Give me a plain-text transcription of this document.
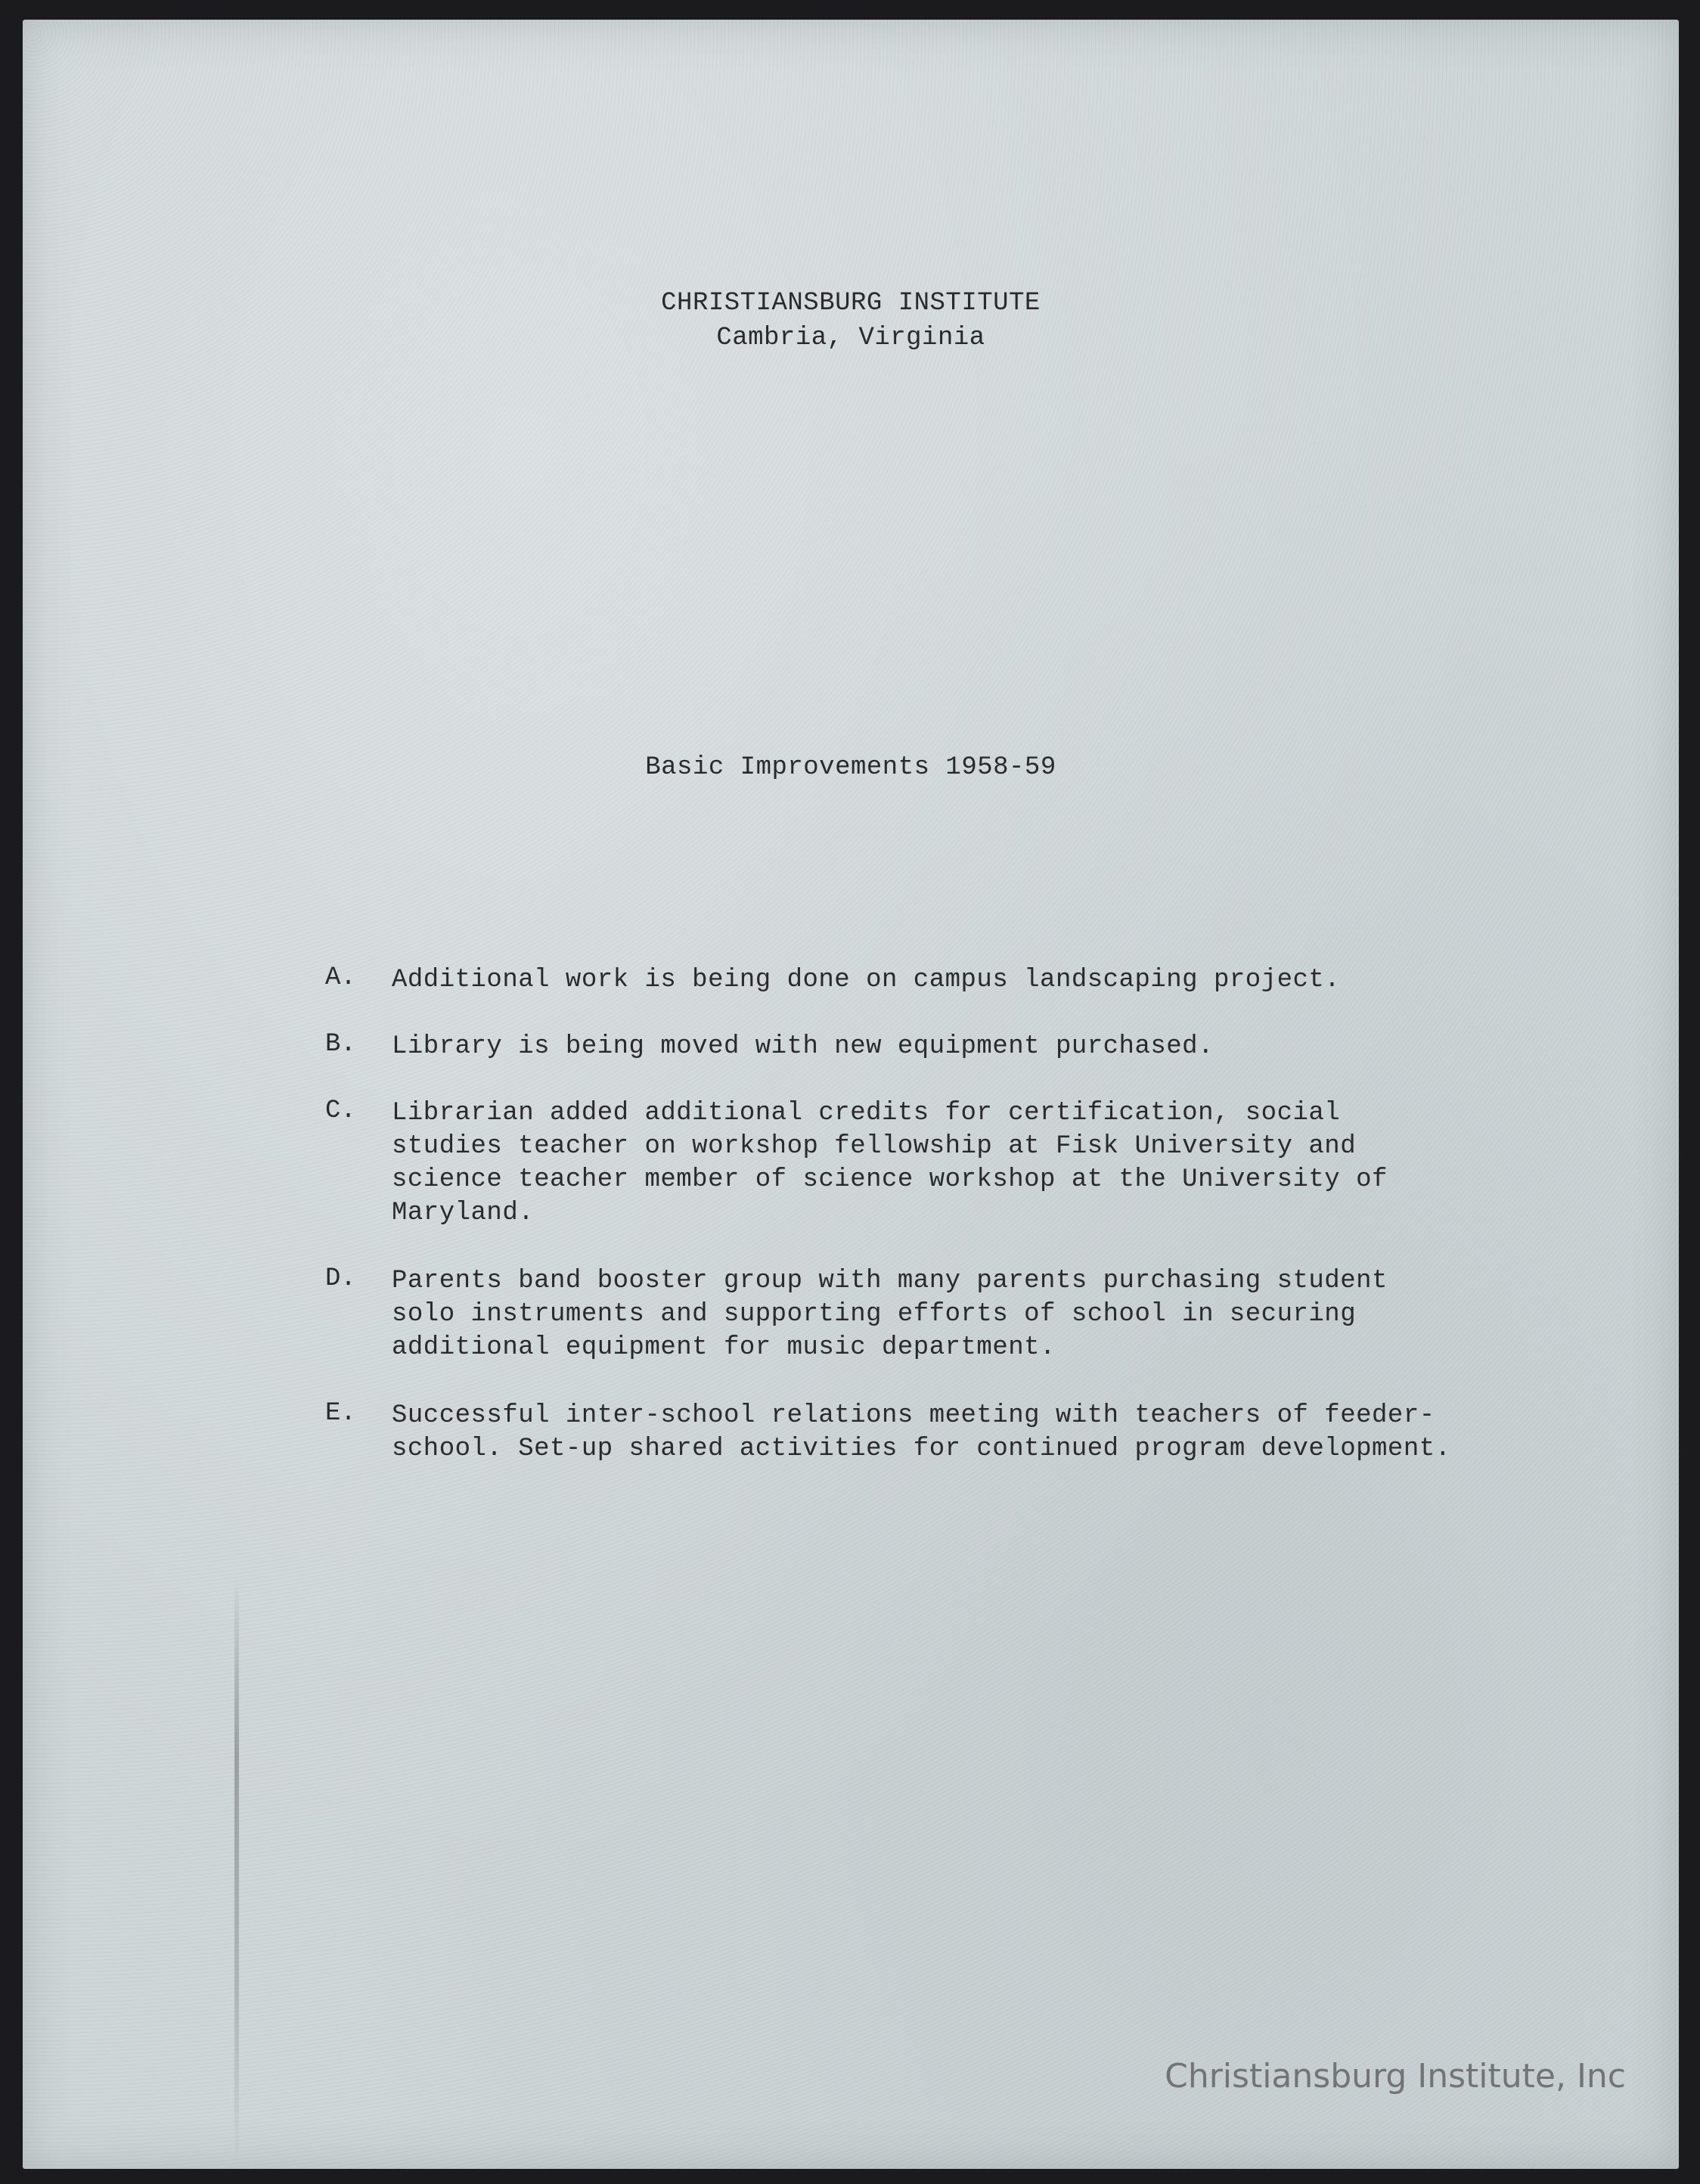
CHRISTIANSBURG INSTITUTE
Cambria, Virginia
Basic Improvements 1958-59
A. Additional work is being done on campus landscaping project.
B. Library is being moved with new equipment purchased.
C. Librarian added additional credits for certification, social studies teacher on workshop fellowship at Fisk University and science teacher member of science workshop at the University of Maryland.
D. Parents band booster group with many parents purchasing student solo instruments and supporting efforts of school in securing additional equipment for music department.
E. Successful inter-school relations meeting with teachers of feeder-school. Set-up shared activities for continued program development.
Christiansburg Institute, Inc
